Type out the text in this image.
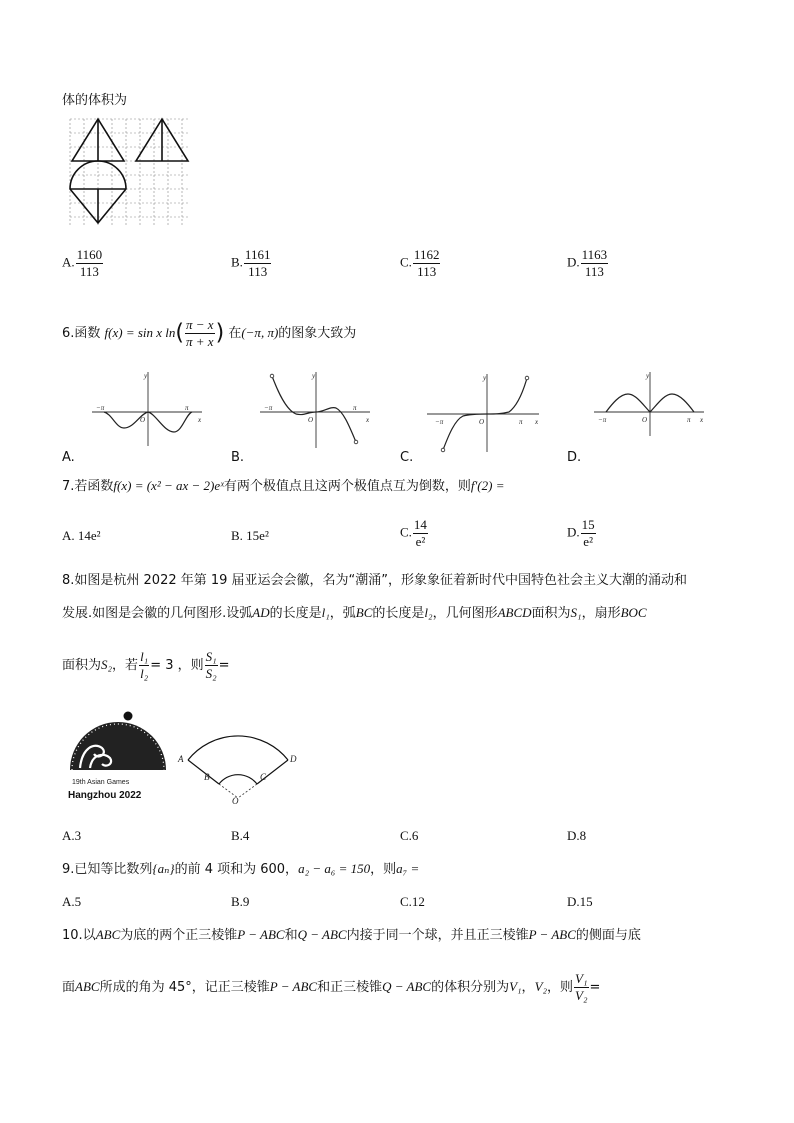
体的体积为
A. $\frac{1160}{113}$	B. $\frac{1161}{113}$	C. $\frac{1162}{113}$	D. $\frac{1163}{113}$
6.函数 f(x) = sin x $\ln( \frac{\pi - x}{\pi + x}$ ) 在(−π, π)的图象大致为
y
x
O
−π	π
A.
y
x
O
−π	π
B.
y
x
O
−π	π
C.
y
x
O
−π	π
D.
7.若函数f(x) = (x² − ax − 2)eˣ有两个极值点且这两个极值点互为倒数，则f′(2) =
A. 14e²	B. 15e²	C. $\frac{14}{\text{e²}}$	D. $\frac{15}{\text{e²}}$
8.如图是杭州 2022 年第 19 届亚运会会徽，名为“潮涌”，形象象征着新时代中国特色社会主义大潮的涌动和
发展.如图是会徽的几何图形.设弧AD的长度是l₁，弧BC的长度是l₂，几何图形ABCD面积为S₁，扇形BOC
面积为S₂，若 $\frac{\text{l₁}}{\text{l₂}} = 3$ ，则 $\frac{\text{S₁}}{\text{S₂}}$ =
19th Asian Games
Hangzhou 2022
A
B	C
D
O
A.3	B.4	C.6	D.8
9.已知等比数列{aₙ}的前 4 项和为 600，a₂ − a₆ = 150，则a₇ =
A.5	B.9	C.12	D.15
10.以ABC为底的两个正三棱锥P − ABC和Q − ABC内接于同一个球，并且正三棱锥P − ABC的侧面与底
面ABC所成的角为 45°，记正三棱锥P − ABC和正三棱锥Q − ABC的体积分别为V₁，V₂，则 $\frac{\text{V₁}}{\text{V₂}}$ =
